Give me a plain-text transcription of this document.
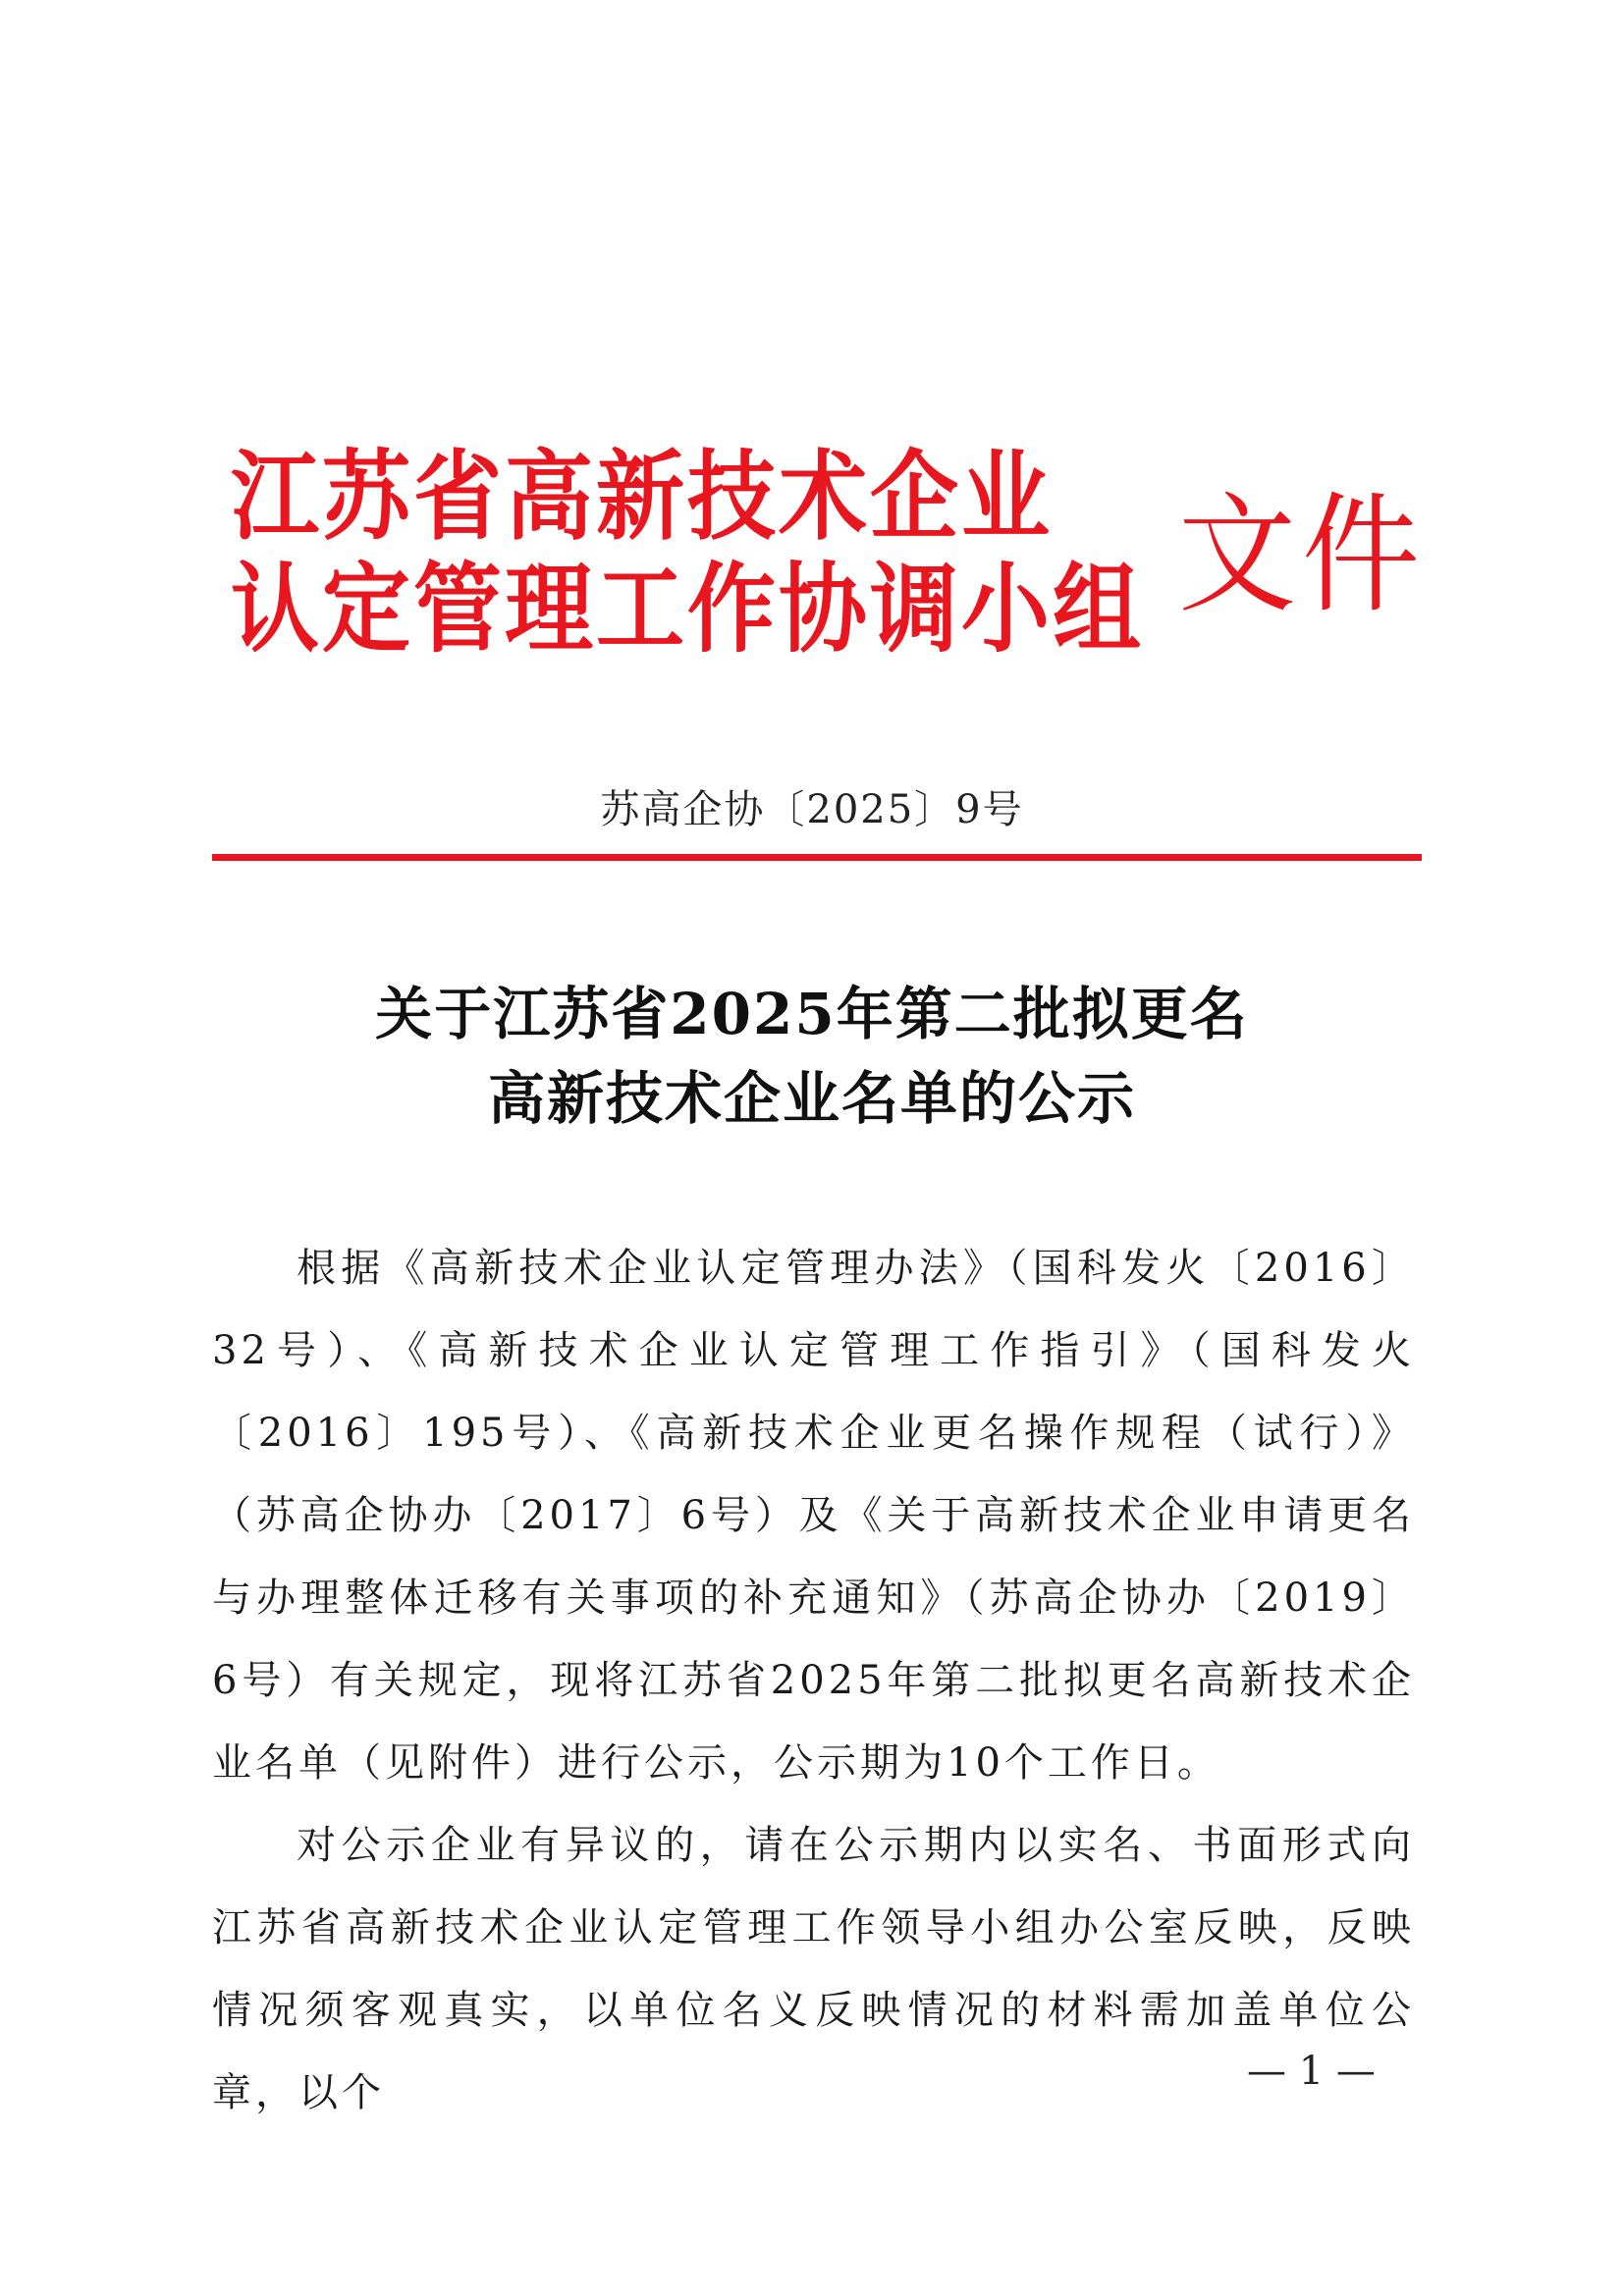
江苏省高新技术企业
认定管理工作协调小组 文件
苏高企协〔2025〕9号
关于江苏省2025年第二批拟更名
高新技术企业名单的公示

根据《高新技术企业认定管理办法》（国科发火〔2016〕32号）、《高新技术企业认定管理工作指引》（国科发火〔2016〕195号）、《高新技术企业更名操作规程（试行）》（苏高企协办〔2017〕6号）及《关于高新技术企业申请更名与办理整体迁移有关事项的补充通知》（苏高企协办〔2019〕6号）有关规定，现将江苏省2025年第二批拟更名高新技术企业名单（见附件）进行公示，公示期为10个工作日。

对公示企业有异议的，请在公示期内以实名、书面形式向江苏省高新技术企业认定管理工作领导小组办公室反映，反映情况须客观真实，以单位名义反映情况的材料需加盖单位公章，以个	— 1 —
